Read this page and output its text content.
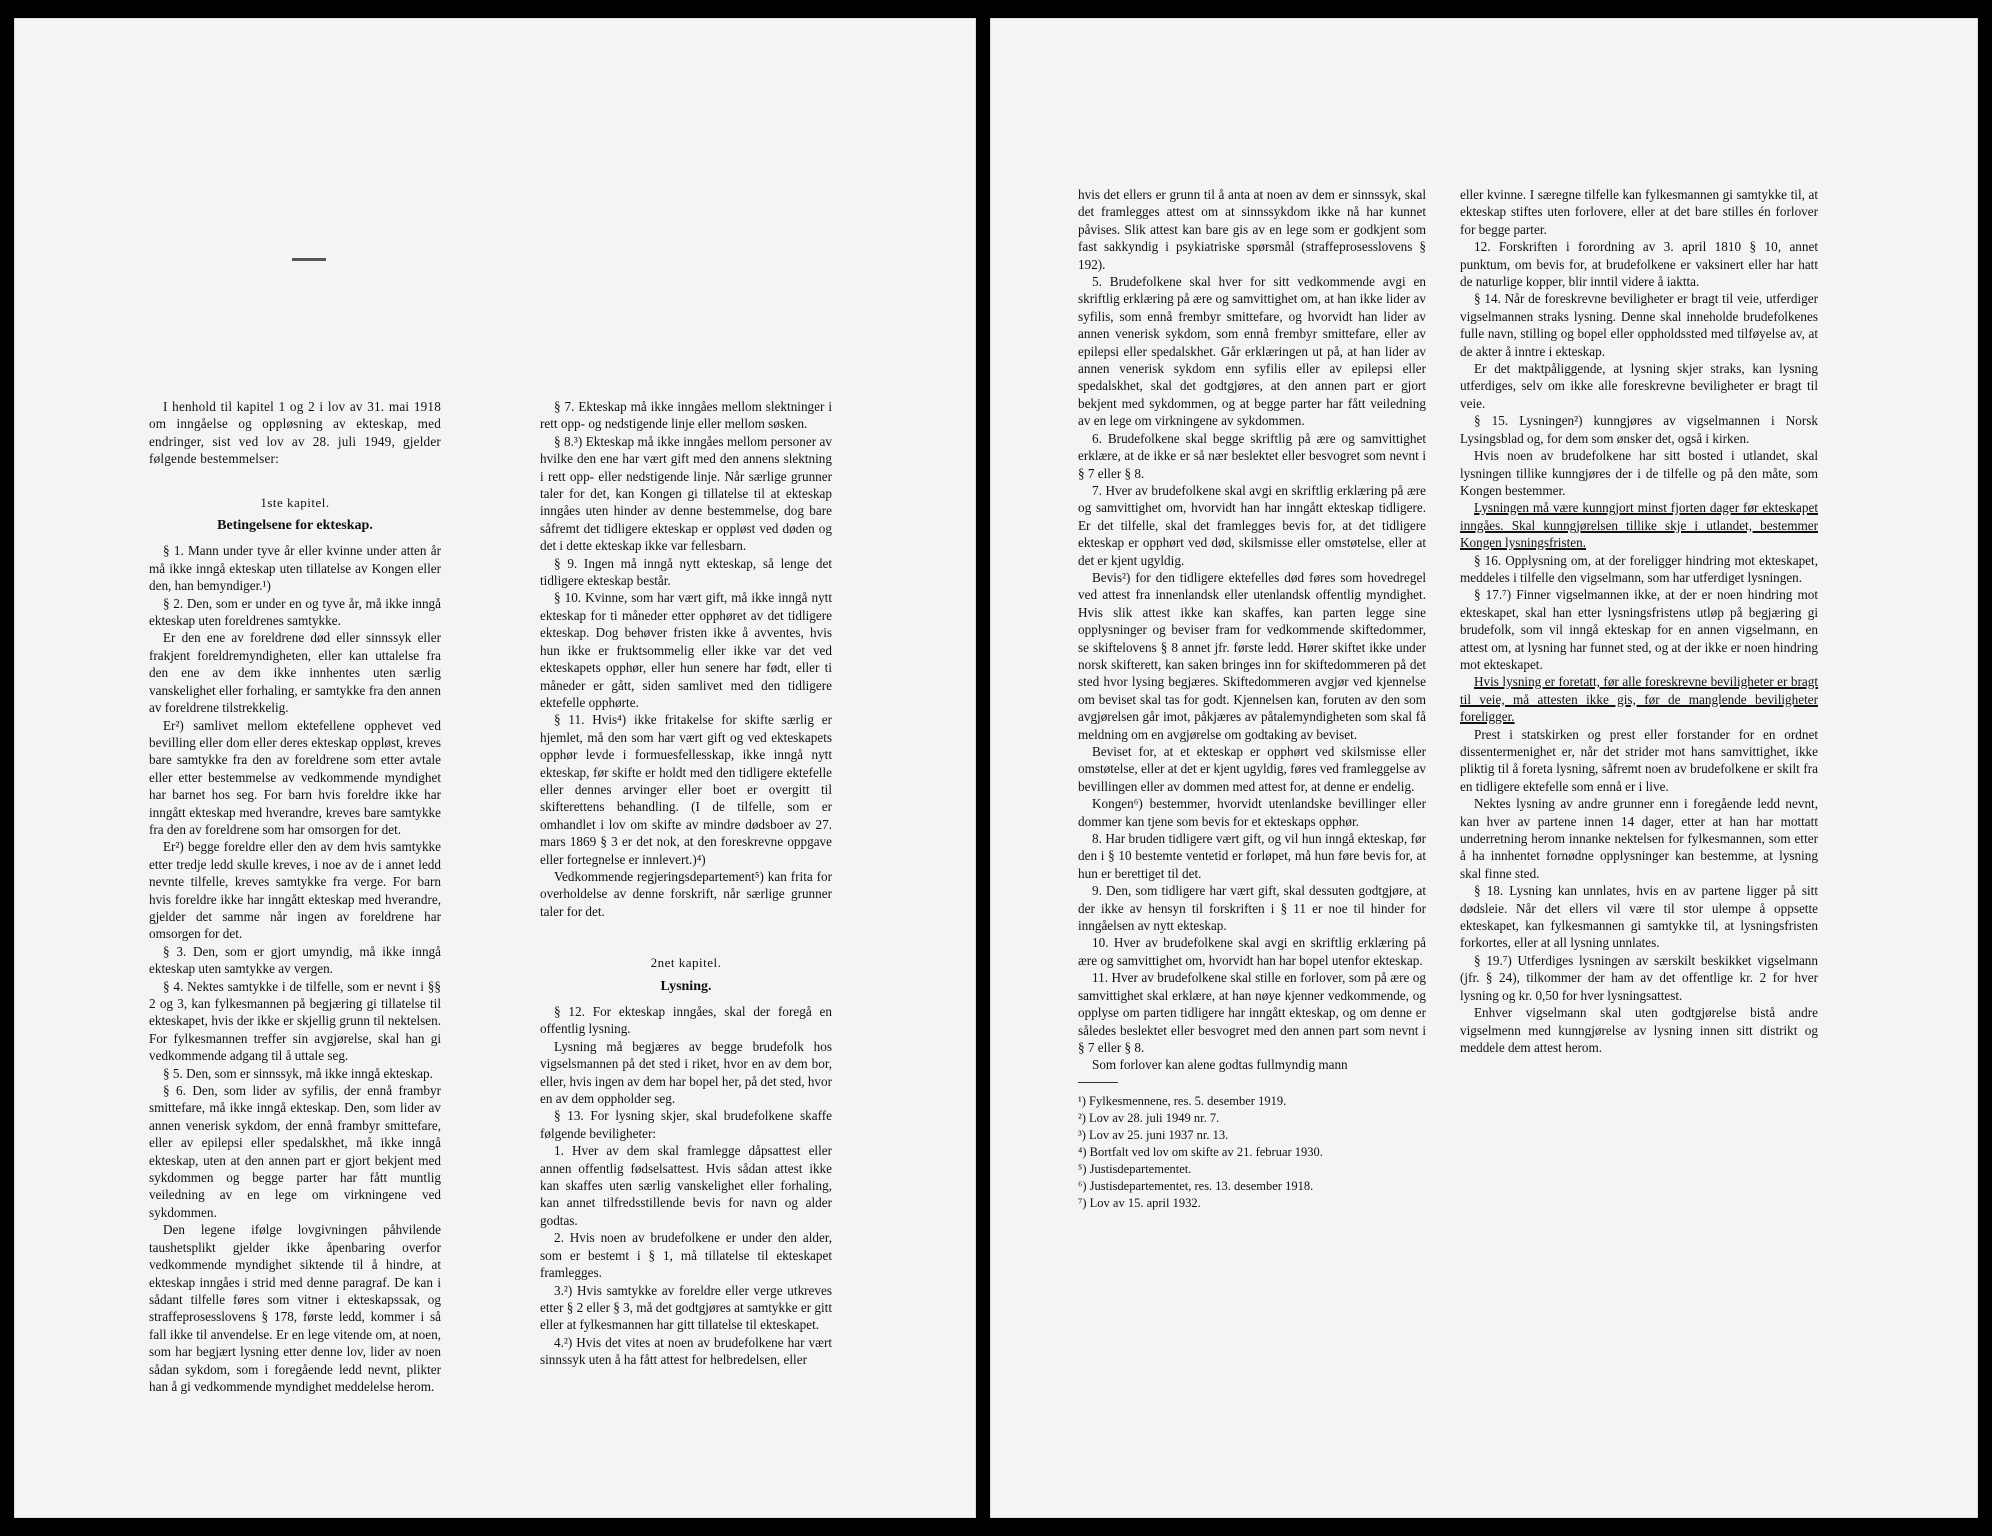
I henhold til kapitel 1 og 2 i lov av 31. mai 1918 om inngåelse og oppløsning av ekteskap, med endringer, sist ved lov av 28. juli 1949, gjelder følgende bestemmelser:

1ste kapitel.

Betingelsene for ekteskap.

§ 1. Mann under tyve år eller kvinne under atten år må ikke inngå ekteskap uten tillatelse av Kongen eller den, han bemyndiger.¹)

§ 2. Den, som er under en og tyve år, må ikke inngå ekteskap uten foreldrenes samtykke.

Er den ene av foreldrene død eller sinnssyk eller frakjent foreldremyndigheten, eller kan uttalelse fra den ene av dem ikke innhentes uten særlig vanskelighet eller forhaling, er samtykke fra den annen av foreldrene tilstrekkelig.

Er²) samlivet mellom ektefellene opphevet ved bevilling eller dom eller deres ekteskap oppløst, kreves bare samtykke fra den av foreldrene som etter avtale eller etter bestemmelse av vedkommende myndighet har barnet hos seg. For barn hvis foreldre ikke har inngått ekteskap med hverandre, kreves bare samtykke fra den av foreldrene som har omsorgen for det.

Er²) begge foreldre eller den av dem hvis samtykke etter tredje ledd skulle kreves, i noe av de i annet ledd nevnte tilfelle, kreves samtykke fra verge. For barn hvis foreldre ikke har inngått ekteskap med hverandre, gjelder det samme når ingen av foreldrene har omsorgen for det.

§ 3. Den, som er gjort umyndig, må ikke inngå ekteskap uten samtykke av vergen.

§ 4. Nektes samtykke i de tilfelle, som er nevnt i §§ 2 og 3, kan fylkesmannen på begjæring gi tillatelse til ekteskapet, hvis der ikke er skjellig grunn til nektelsen. For fylkesmannen treffer sin avgjørelse, skal han gi vedkommende adgang til å uttale seg.

§ 5. Den, som er sinnssyk, må ikke inngå ekteskap.

§ 6. Den, som lider av syfilis, der ennå frambyr smittefare, må ikke inngå ekteskap. Den, som lider av annen venerisk sykdom, der ennå frambyr smittefare, eller av epilepsi eller spedalskhet, må ikke inngå ekteskap, uten at den annen part er gjort bekjent med sykdommen og begge parter har fått muntlig veiledning av en lege om virkningene ved sykdommen.

Den legene ifølge lovgivningen påhvilende taushetsplikt gjelder ikke åpenbaring overfor vedkommende myndighet siktende til å hindre, at ekteskap inngåes i strid med denne paragraf. De kan i sådant tilfelle føres som vitner i ekteskapssak, og straffeprosesslovens § 178, første ledd, kommer i så fall ikke til anvendelse. Er en lege vitende om, at noen, som har begjært lysning etter denne lov, lider av noen sådan sykdom, som i foregående ledd nevnt, plikter han å gi vedkommende myndighet meddelelse herom.

§ 7. Ekteskap må ikke inngåes mellom slektninger i rett opp- og nedstigende linje eller mellom søsken.

§ 8.³) Ekteskap må ikke inngåes mellom personer av hvilke den ene har vært gift med den annens slektning i rett opp- eller nedstigende linje. Når særlige grunner taler for det, kan Kongen gi tillatelse til at ekteskap inngåes uten hinder av denne bestemmelse, dog bare såfremt det tidligere ekteskap er oppløst ved døden og det i dette ekteskap ikke var fellesbarn.

§ 9. Ingen må inngå nytt ekteskap, så lenge det tidligere ekteskap består.

§ 10. Kvinne, som har vært gift, må ikke inngå nytt ekteskap for ti måneder etter opphøret av det tidligere ekteskap. Dog behøver fristen ikke å avventes, hvis hun ikke er fruktsommelig eller ikke var det ved ekteskapets opphør, eller hun senere har født, eller ti måneder er gått, siden samlivet med den tidligere ektefelle opphørte.

§ 11. Hvis⁴) ikke fritakelse for skifte særlig er hjemlet, må den som har vært gift og ved ekteskapets opphør levde i formuesfellesskap, ikke inngå nytt ekteskap, før skifte er holdt med den tidligere ektefelle eller dennes arvinger eller boet er overgitt til skifterettens behandling. (I de tilfelle, som er omhandlet i lov om skifte av mindre dødsboer av 27. mars 1869 § 3 er det nok, at den foreskrevne oppgave eller fortegnelse er innlevert.)⁴)

Vedkommende regjeringsdepartement⁵) kan frita for overholdelse av denne forskrift, når særlige grunner taler for det.

2net kapitel.

Lysning.

§ 12. For ekteskap inngåes, skal der foregå en offentlig lysning.

Lysning må begjæres av begge brudefolk hos vigselsmannen på det sted i riket, hvor en av dem bor, eller, hvis ingen av dem har bopel her, på det sted, hvor en av dem oppholder seg.

§ 13. For lysning skjer, skal brudefolkene skaffe følgende beviligheter:

1. Hver av dem skal framlegge dåpsattest eller annen offentlig fødselsattest. Hvis sådan attest ikke kan skaffes uten særlig vanskelighet eller forhaling, kan annet tilfredsstillende bevis for navn og alder godtas.

2. Hvis noen av brudefolkene er under den alder, som er bestemt i § 1, må tillatelse til ekteskapet framlegges.

3.²) Hvis samtykke av foreldre eller verge utkreves etter § 2 eller § 3, må det godtgjøres at samtykke er gitt eller at fylkesmannen har gitt tillatelse til ekteskapet.

4.²) Hvis det vites at noen av brudefolkene har vært sinnssyk uten å ha fått attest for helbredelsen, eller

hvis det ellers er grunn til å anta at noen av dem er sinnssyk, skal det framlegges attest om at sinnssykdom ikke nå har kunnet påvises. Slik attest kan bare gis av en lege som er godkjent som fast sakkyndig i psykiatriske spørsmål (straffeprosesslovens § 192).

5. Brudefolkene skal hver for sitt vedkommende avgi en skriftlig erklæring på ære og samvittighet om, at han ikke lider av syfilis, som ennå frembyr smittefare, og hvorvidt han lider av annen venerisk sykdom, som ennå frembyr smittefare, eller av epilepsi eller spedalskhet. Går erklæringen ut på, at han lider av annen venerisk sykdom enn syfilis eller av epilepsi eller spedalskhet, skal det godtgjøres, at den annen part er gjort bekjent med sykdommen, og at begge parter har fått veiledning av en lege om virkningene av sykdommen.

6. Brudefolkene skal begge skriftlig på ære og samvittighet erklære, at de ikke er så nær beslektet eller besvogret som nevnt i § 7 eller § 8.

7. Hver av brudefolkene skal avgi en skriftlig erklæring på ære og samvittighet om, hvorvidt han har inngått ekteskap tidligere. Er det tilfelle, skal det framlegges bevis for, at det tidligere ekteskap er opphørt ved død, skilsmisse eller omstøtelse, eller at det er kjent ugyldig.

Bevis²) for den tidligere ektefelles død føres som hovedregel ved attest fra innenlandsk eller utenlandsk offentlig myndighet. Hvis slik attest ikke kan skaffes, kan parten legge sine opplysninger og beviser fram for vedkommende skiftedommer, se skiftelovens § 8 annet jfr. første ledd. Hører skiftet ikke under norsk skifterett, kan saken bringes inn for skiftedommeren på det sted hvor lysing begjæres. Skiftedommeren avgjør ved kjennelse om beviset skal tas for godt. Kjennelsen kan, foruten av den som avgjørelsen går imot, påkjæres av påtalemyndigheten som skal få meldning om en avgjørelse om godtaking av beviset.

Beviset for, at et ekteskap er opphørt ved skilsmisse eller omstøtelse, eller at det er kjent ugyldig, føres ved framleggelse av bevillingen eller av dommen med attest for, at denne er endelig.

Kongen⁶) bestemmer, hvorvidt utenlandske bevillinger eller dommer kan tjene som bevis for et ekteskaps opphør.

8. Har bruden tidligere vært gift, og vil hun inngå ekteskap, før den i § 10 bestemte ventetid er forløpet, må hun føre bevis for, at hun er berettiget til det.

9. Den, som tidligere har vært gift, skal dessuten godtgjøre, at der ikke av hensyn til forskriften i § 11 er noe til hinder for inngåelsen av nytt ekteskap.

10. Hver av brudefolkene skal avgi en skriftlig erklæring på ære og samvittighet om, hvorvidt han har bopel utenfor ekteskap.

11. Hver av brudefolkene skal stille en forlover, som på ære og samvittighet skal erklære, at han nøye kjenner vedkommende, og opplyse om parten tidligere har inngått ekteskap, og om denne er således beslektet eller besvogret med den annen part som nevnt i § 7 eller § 8.

Som forlover kan alene godtas fullmyndig mann

¹) Fylkesmennene, res. 5. desember 1919.

²) Lov av 28. juli 1949 nr. 7.

³) Lov av 25. juni 1937 nr. 13.

⁴) Bortfalt ved lov om skifte av 21. februar 1930.

⁵) Justisdepartementet.

⁶) Justisdepartementet, res. 13. desember 1918.

⁷) Lov av 15. april 1932.

eller kvinne. I særegne tilfelle kan fylkesmannen gi samtykke til, at ekteskap stiftes uten forlovere, eller at det bare stilles én forlover for begge parter.

12. Forskriften i forordning av 3. april 1810 § 10, annet punktum, om bevis for, at brudefolkene er vaksinert eller har hatt de naturlige kopper, blir inntil videre å iaktta.

§ 14. Når de foreskrevne beviligheter er bragt til veie, utferdiger vigselmannen straks lysning. Denne skal inneholde brudefolkenes fulle navn, stilling og bopel eller oppholdssted med tilføyelse av, at de akter å inntre i ekteskap.

Er det maktpåliggende, at lysning skjer straks, kan lysning utferdiges, selv om ikke alle foreskrevne beviligheter er bragt til veie.

§ 15. Lysningen²) kunngjøres av vigselmannen i Norsk Lysingsblad og, for dem som ønsker det, også i kirken.

Hvis noen av brudefolkene har sitt bosted i utlandet, skal lysningen tillike kunngjøres der i de tilfelle og på den måte, som Kongen bestemmer.

Lysningen må være kunngjort minst fjorten dager før ekteskapet inngåes. Skal kunngjørelsen tillike skje i utlandet, bestemmer Kongen lysningsfristen.

§ 16. Opplysning om, at der foreligger hindring mot ekteskapet, meddeles i tilfelle den vigselmann, som har utferdiget lysningen.

§ 17.⁷) Finner vigselmannen ikke, at der er noen hindring mot ekteskapet, skal han etter lysningsfristens utløp på begjæring gi brudefolk, som vil inngå ekteskap for en annen vigselmann, en attest om, at lysning har funnet sted, og at der ikke er noen hindring mot ekteskapet.

Hvis lysning er foretatt, før alle foreskrevne beviligheter er bragt til veie, må attesten ikke gis, før de manglende beviligheter foreligger.

Prest i statskirken og prest eller forstander for en ordnet dissentermenighet er, når det strider mot hans samvittighet, ikke pliktig til å foreta lysning, såfremt noen av brudefolkene er skilt fra en tidligere ektefelle som ennå er i live.

Nektes lysning av andre grunner enn i foregående ledd nevnt, kan hver av partene innen 14 dager, etter at han har mottatt underretning herom innanke nektelsen for fylkesmannen, som etter å ha innhentet fornødne opplysninger kan bestemme, at lysning skal finne sted.

§ 18. Lysning kan unnlates, hvis en av partene ligger på sitt dødsleie. Når det ellers vil være til stor ulempe å oppsette ekteskapet, kan fylkesmannen gi samtykke til, at lysningsfristen forkortes, eller at all lysning unnlates.

§ 19.⁷) Utferdiges lysningen av særskilt beskikket vigselmann (jfr. § 24), tilkommer der ham av det offentlige kr. 2 for hver lysning og kr. 0,50 for hver lysningsattest.

Enhver vigselmann skal uten godtgjørelse bistå andre vigselmenn med kunngjørelse av lysning innen sitt distrikt og meddele dem attest herom.
